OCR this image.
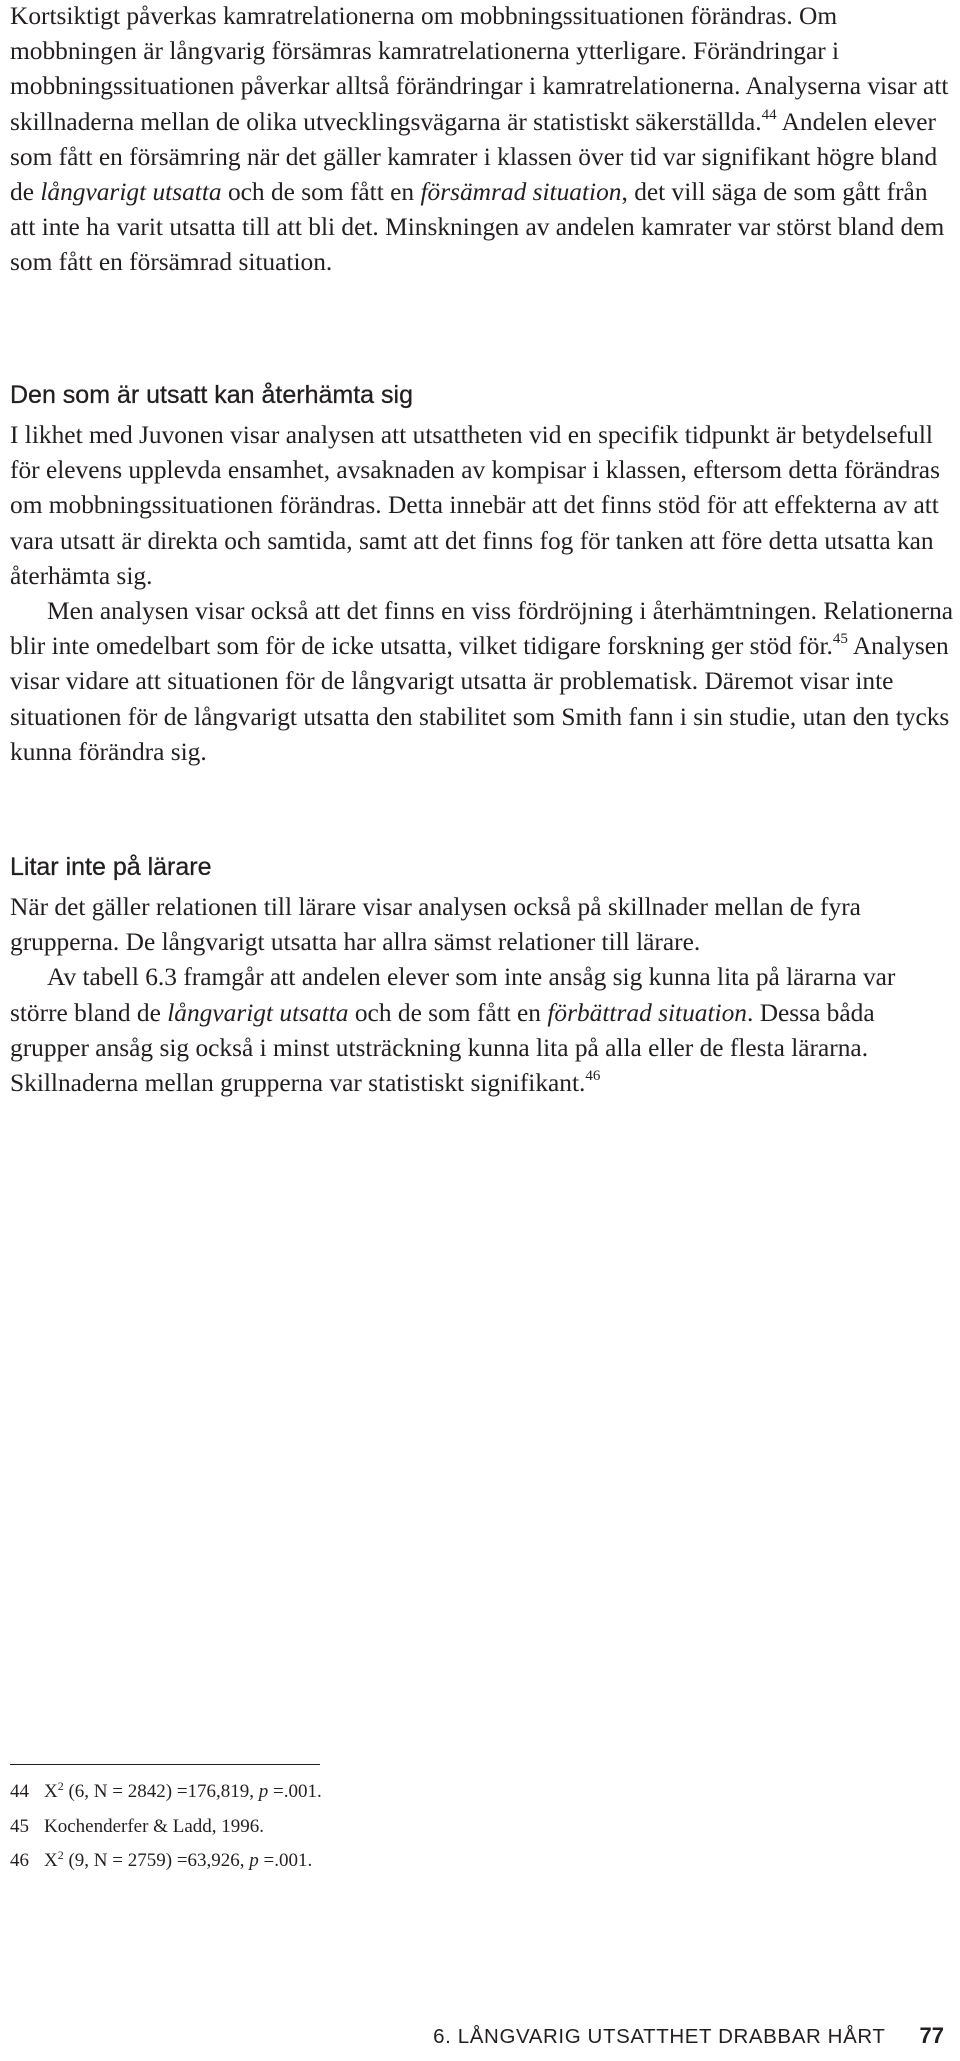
Kortsiktigt påverkas kamratrelationerna om mobbningssituationen förändras. Om mobbningen är långvarig försämras kamratrelationerna ytterligare. Förändringar i mobbningssituationen påverkar alltså förändringar i kamratrelationerna. Analyserna visar att skillnaderna mellan de olika utvecklingsvägarna är statistiskt säkerställda.$^{44}$ Andelen elever som fått en försämring när det gäller kamrater i klassen över tid var signifikant högre bland de långvarigt utsatta och de som fått en försämrad situation, det vill säga de som gått från att inte ha varit utsatta till att bli det. Minskningen av andelen kamrater var störst bland dem som fått en försämrad situation.

Den som är utsatt kan återhämta sig

I likhet med Juvonen visar analysen att utsattheten vid en specifik tidpunkt är betydelsefull för elevens upplevda ensamhet, avsaknaden av kompisar i klassen, eftersom detta förändras om mobbningssituationen förändras. Detta innebär att det finns stöd för att effekterna av att vara utsatt är direkta och samtida, samt att det finns fog för tanken att före detta utsatta kan återhämta sig.

Men analysen visar också att det finns en viss fördröjning i återhämtningen. Relationerna blir inte omedelbart som för de icke utsatta, vilket tidigare forskning ger stöd för.$^{45}$ Analysen visar vidare att situationen för de långvarigt utsatta är problematisk. Däremot visar inte situationen för de långvarigt utsatta den stabilitet som Smith fann i sin studie, utan den tycks kunna förändra sig.

Litar inte på lärare

När det gäller relationen till lärare visar analysen också på skillnader mellan de fyra grupperna. De långvarigt utsatta har allra sämst relationer till lärare.

Av tabell 6.3 framgår att andelen elever som inte ansåg sig kunna lita på lärarna var större bland de långvarigt utsatta och de som fått en förbättrad situation. Dessa båda grupper ansåg sig också i minst utsträckning kunna lita på alla eller de flesta lärarna. Skillnaderna mellan grupperna var statistiskt signifikant.$^{46}$

44 X$^2$ (6, N = 2842) =176,819, p =.001.
45 Kochenderfer & Ladd, 1996.
46 X$^2$ (9, N = 2759) =63,926, p =.001.
6. LÅNGVARIG UTSATTHET DRABBAR HÅRT 77
